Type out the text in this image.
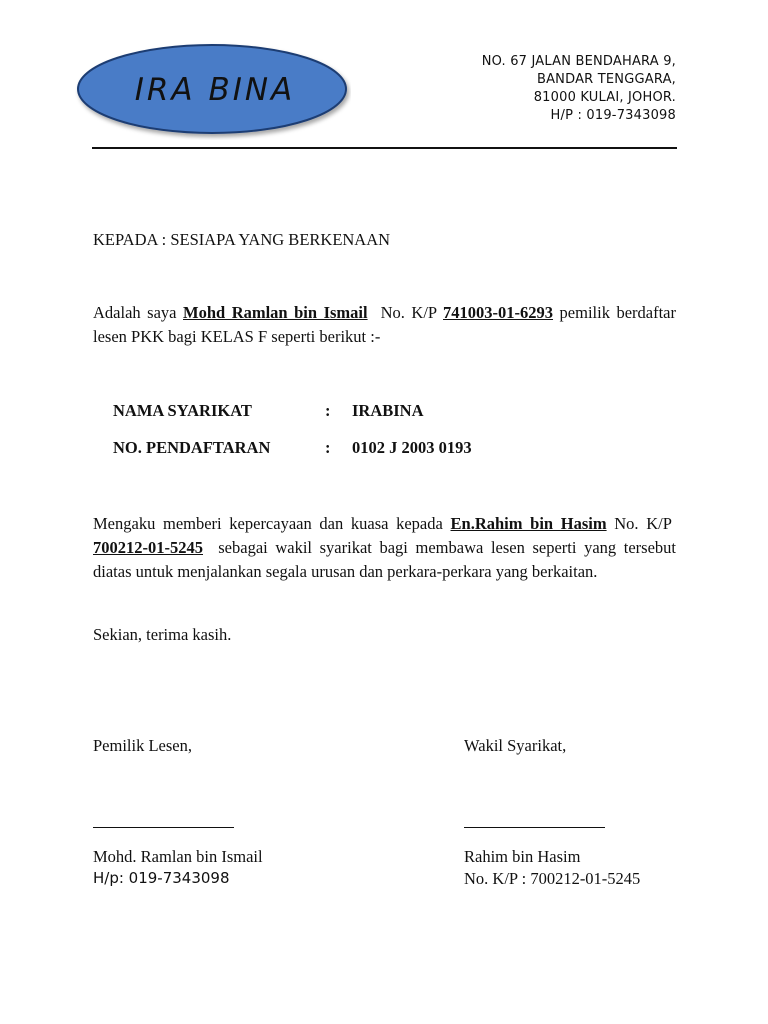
IRA BINA
NO. 67 JALAN BENDAHARA 9,
BANDAR TENGGARA,
81000 KULAI, JOHOR.
H/P : 019-7343098
KEPADA : SESIAPA YANG BERKENAAN
Adalah saya Mohd Ramlan bin Ismail No. K/P 741003-01-6293 pemilik berdaftar lesen PKK bagi KELAS F seperti berikut :-
NAMA SYARIKAT	: IRABINA
NO. PENDAFTARAN	: 0102 J 2003 0193
Mengaku memberi kepercayaan dan kuasa kepada En.Rahim bin Hasim No. K/P  700212-01-5245 sebagai wakil syarikat bagi membawa lesen seperti yang tersebut diatas untuk menjalankan segala urusan dan perkara-perkara yang berkaitan.
Sekian, terima kasih.
Pemilik Lesen,	Wakil Syarikat,
Mohd. Ramlan bin Ismail
H/p: 019-7343098
Rahim bin Hasim
No. K/P : 700212-01-5245
